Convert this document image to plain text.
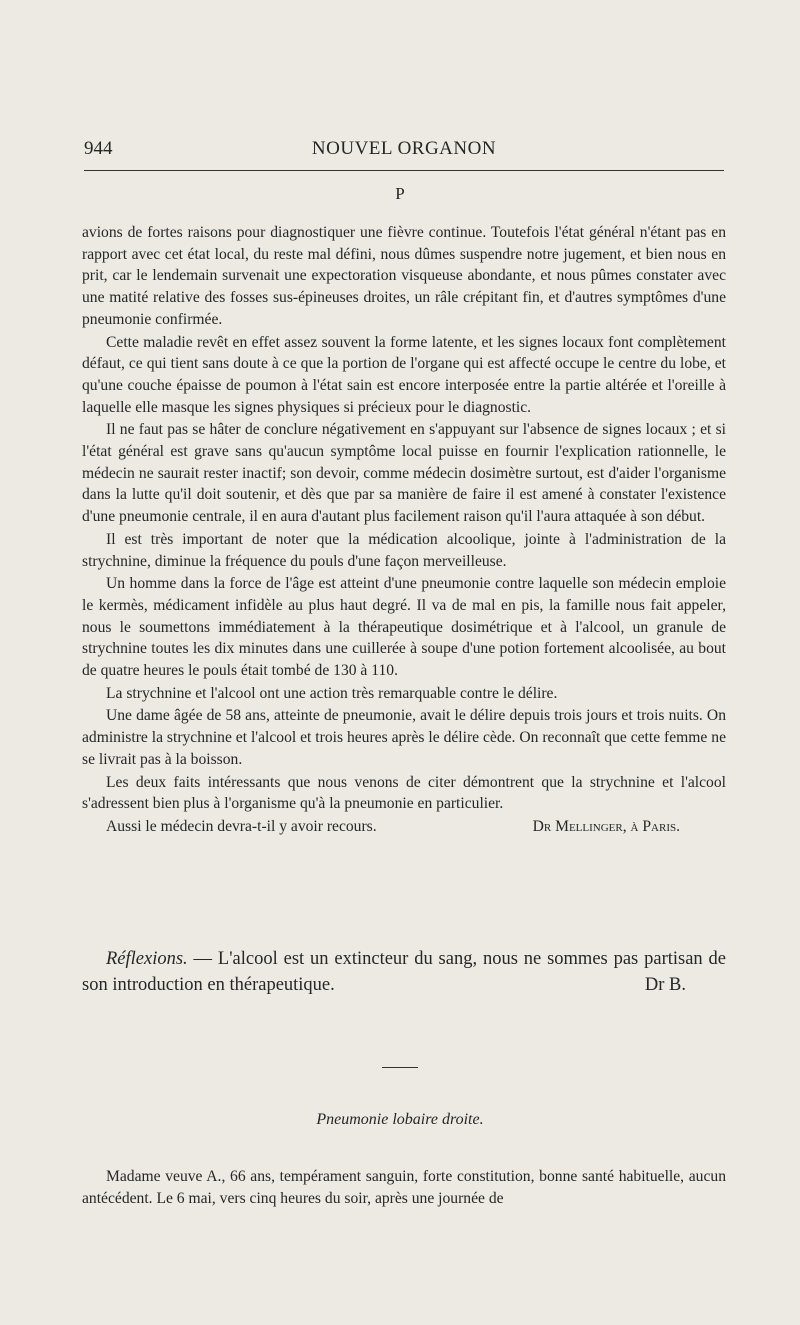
944	NOUVEL ORGANON
P

avions de fortes raisons pour diagnostiquer une fièvre continue. Toutefois l'état général n'étant pas en rapport avec cet état local, du reste mal défini, nous dûmes suspendre notre jugement, et bien nous en prit, car le lendemain survenait une expectoration visqueuse abondante, et nous pûmes constater avec une matité relative des fosses sus-épineuses droites, un râle crépitant fin, et d'autres symptômes d'une pneumonie confirmée.

Cette maladie revêt en effet assez souvent la forme latente, et les signes locaux font complètement défaut, ce qui tient sans doute à ce que la portion de l'organe qui est affecté occupe le centre du lobe, et qu'une couche épaisse de poumon à l'état sain est encore interposée entre la partie altérée et l'oreille à laquelle elle masque les signes physiques si précieux pour le diagnostic.

Il ne faut pas se hâter de conclure négativement en s'appuyant sur l'absence de signes locaux ; et si l'état général est grave sans qu'aucun symptôme local puisse en fournir l'explication rationnelle, le médecin ne saurait rester inactif; son devoir, comme médecin dosimètre surtout, est d'aider l'organisme dans la lutte qu'il doit soutenir, et dès que par sa manière de faire il est amené à constater l'existence d'une pneumonie centrale, il en aura d'autant plus facilement raison qu'il l'aura attaquée à son début.

Il est très important de noter que la médication alcoolique, jointe à l'administration de la strychnine, diminue la fréquence du pouls d'une façon merveilleuse.

Un homme dans la force de l'âge est atteint d'une pneumonie contre laquelle son médecin emploie le kermès, médicament infidèle au plus haut degré. Il va de mal en pis, la famille nous fait appeler, nous le soumettons immédiatement à la thérapeutique dosimétrique et à l'alcool, un granule de strychnine toutes les dix minutes dans une cuillerée à soupe d'une potion fortement alcoolisée, au bout de quatre heures le pouls était tombé de 130 à 110.

La strychnine et l'alcool ont une action très remarquable contre le délire.

Une dame âgée de 58 ans, atteinte de pneumonie, avait le délire depuis trois jours et trois nuits. On administre la strychnine et l'alcool et trois heures après le délire cède. On reconnaît que cette femme ne se livrait pas à la boisson.

Les deux faits intéressants que nous venons de citer démontrent que la strychnine et l'alcool s'adressent bien plus à l'organisme qu'à la pneumonie en particulier.

Aussi le médecin devra-t-il y avoir recours.	Dr Mellinger, à Paris.

Réflexions. — L'alcool est un extincteur du sang, nous ne sommes pas partisan de son introduction en thérapeutique.	Dr B.
Pneumonie lobaire droite.

Madame veuve A., 66 ans, tempérament sanguin, forte constitution, bonne santé habituelle, aucun antécédent. Le 6 mai, vers cinq heures du soir, après une journée de
